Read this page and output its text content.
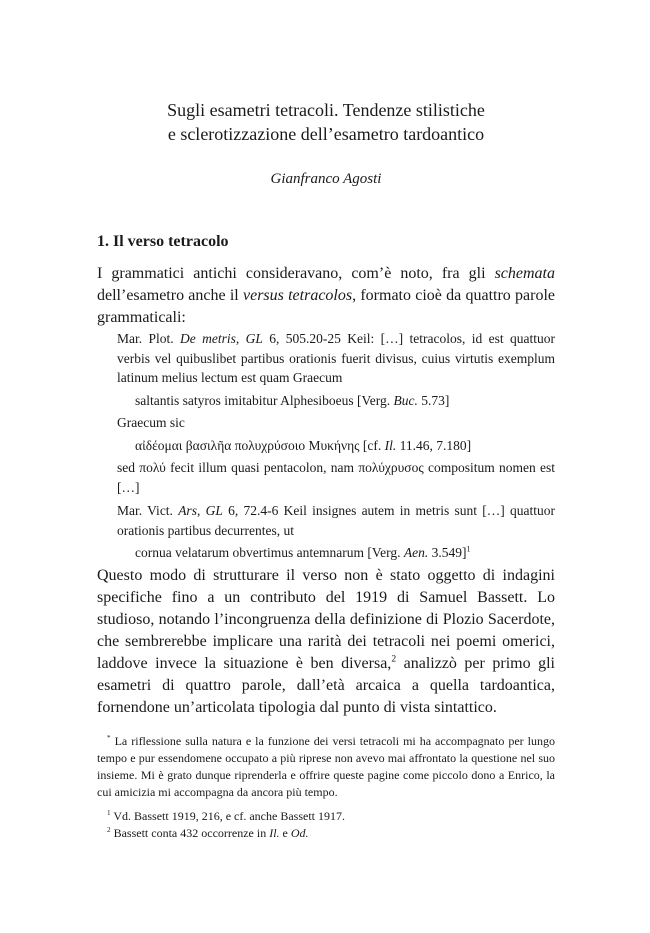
Sugli esametri tetracoli. Tendenze stilistiche
e sclerotizzazione dell’esametro tardoantico
Gianfranco Agosti
1. Il verso tetracolo

I grammatici antichi consideravano, com’è noto, fra gli schemata dell’esametro anche il versus tetracolos, formato cioè da quattro parole grammaticali:

Mar. Plot. De metris, GL 6, 505.20-25 Keil: […] tetracolos, id est quattuor verbis vel quibuslibet partibus orationis fuerit divisus, cuius virtutis exemplum latinum melius lectum est quam Graecum

saltantis satyros imitabitur Alphesiboeus [Verg. Buc. 5.73]

Graecum sic

αἰδέομαι βασιλῆα πολυχρύσοιο Μυκήνης [cf. Il. 11.46, 7.180]

sed πολύ fecit illum quasi pentacolon, nam πολύχρυσος compositum nomen est […]

Mar. Vict. Ars, GL 6, 72.4-6 Keil insignes autem in metris sunt […] quattuor orationis partibus decurrentes, ut

cornua velatarum obvertimus antemnarum [Verg. Aen. 3.549]$^1$

Questo modo di strutturare il verso non è stato oggetto di indagini specifiche fino a un contributo del 1919 di Samuel Bassett. Lo studioso, notando l’incongruenza della definizione di Plozio Sacerdote, che sembrerebbe implicare una rarità dei tetracoli nei poemi omerici, laddove invece la situazione è ben diversa,$^2$ analizzò per primo gli esametri di quattro parole, dall’età arcaica a quella tardoantica, fornendone un’articolata tipologia dal punto di vista sintattico.

* La riflessione sulla natura e la funzione dei versi tetracoli mi ha accompagnato per lungo tempo e pur essendomene occupato a più riprese non avevo mai affrontato la questione nel suo insieme. Mi è grato dunque riprenderla e offrire queste pagine come piccolo dono a Enrico, la cui amicizia mi accompagna da ancora più tempo.

$^1$ Vd. Bassett 1919, 216, e cf. anche Bassett 1917.

$^2$ Bassett conta 432 occorrenze in Il. e Od.
